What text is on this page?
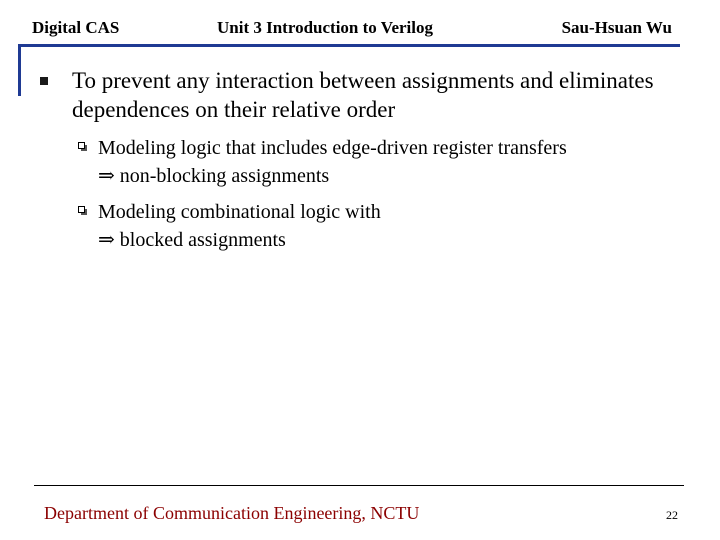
Digital CAS	Unit 3 Introduction to Verilog	Sau-Hsuan Wu
To prevent any interaction between assignments and eliminates dependences on their relative order
Modeling logic that includes edge-driven register transfers
⇒ non-blocking assignments
Modeling combinational logic with
⇒ blocked assignments
Department of Communication Engineering, NCTU	22
